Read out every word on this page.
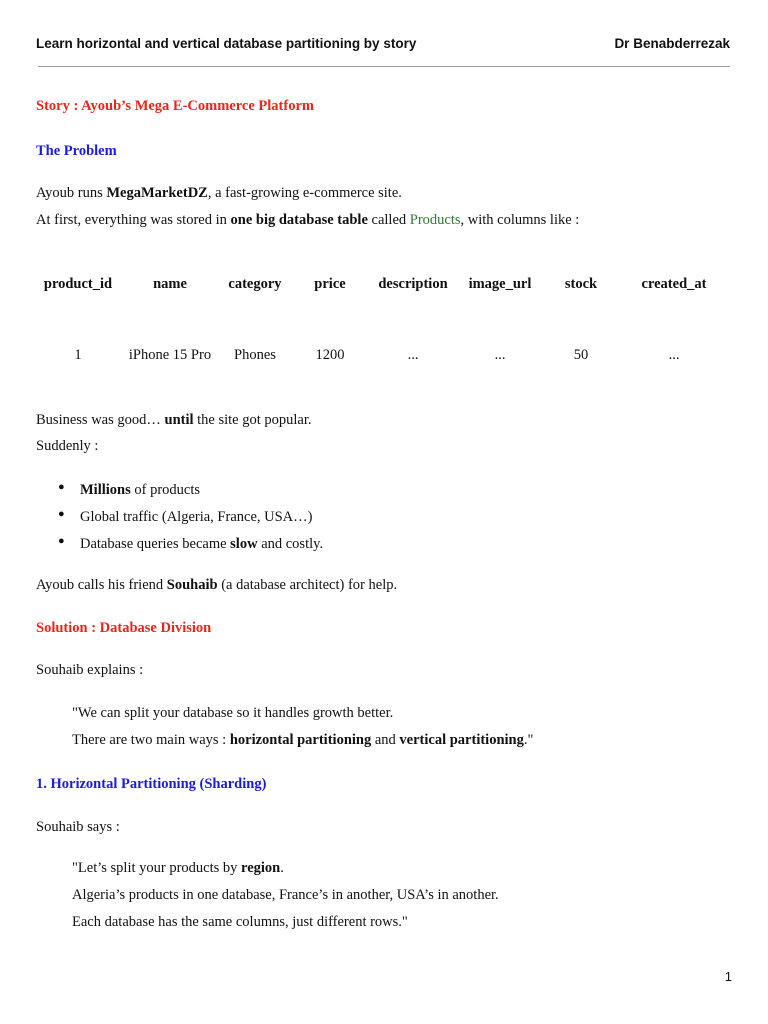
Learn horizontal and vertical database partitioning by story	Dr Benabderrezak
Story : Ayoub’s Mega E-Commerce Platform
The Problem
Ayoub runs MegaMarketDZ, a fast-growing e-commerce site.
At first, everything was stored in one big database table called Products, with columns like :
product_id	name	category	price	description	image_url	stock	created_at
1	iPhone 15 Pro	Phones	1200	...	...	50	...
Business was good… until the site got popular.
Suddenly :
● Millions of products
● Global traffic (Algeria, France, USA…)
● Database queries became slow and costly.
Ayoub calls his friend Souhaib (a database architect) for help.
Solution : Database Division
Souhaib explains :
"We can split your database so it handles growth better.
There are two main ways : horizontal partitioning and vertical partitioning."
1. Horizontal Partitioning (Sharding)
Souhaib says :
"Let’s split your products by region.
Algeria’s products in one database, France’s in another, USA’s in another.
Each database has the same columns, just different rows."
1
